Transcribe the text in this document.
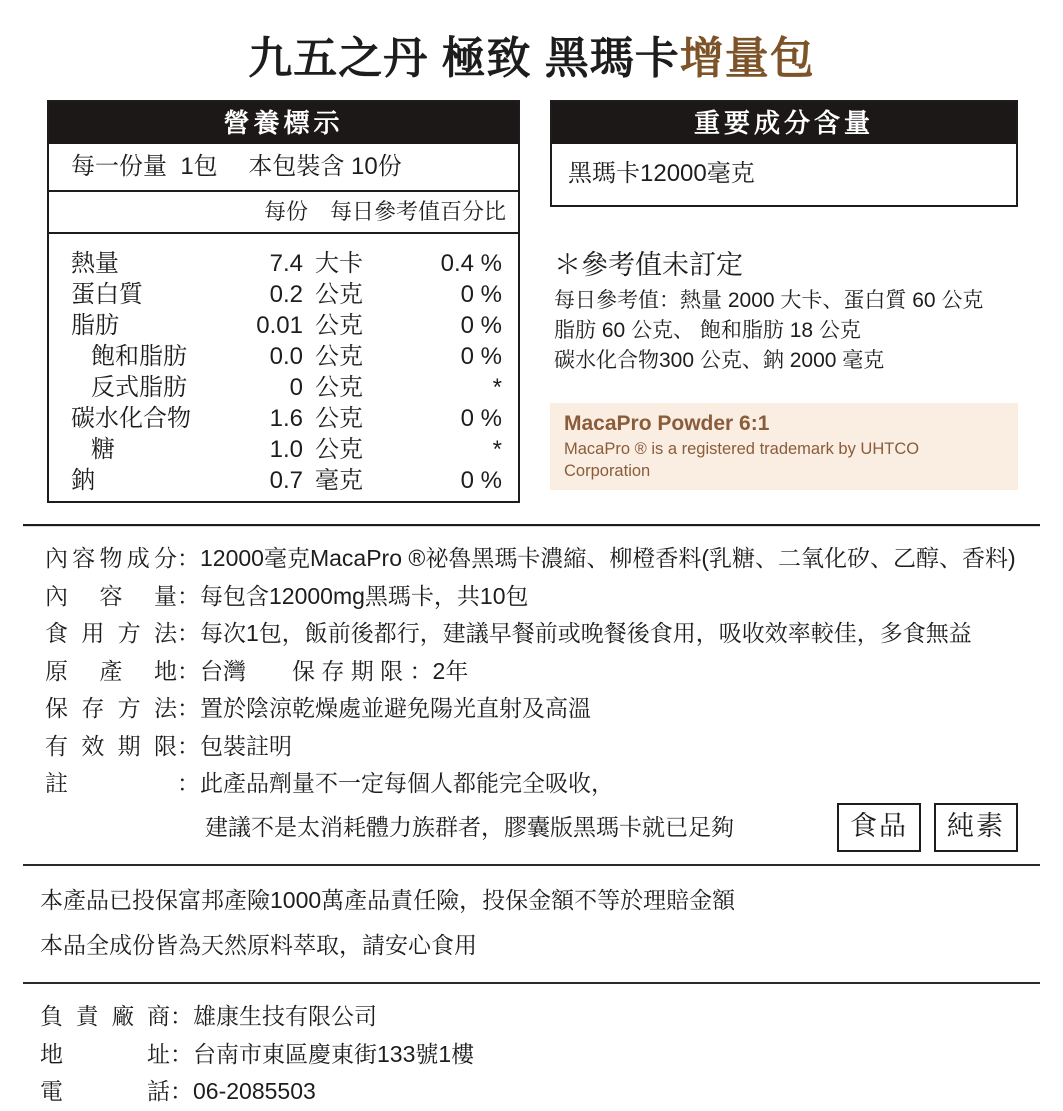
九五之丹 極致 黑瑪卡增量包
營養標示
每一份量  1包　 本包裝含 10份
每份 每日參考值百分比
熱量	7.4 大卡	0.4 %
蛋白質	0.2 公克	0 %
脂肪	0.01 公克	0 %
飽和脂肪	0.0 公克	0 %
反式脂肪	0 公克	*
碳水化合物	1.6 公克	0 %
糖	1.0 公克	*
鈉	0.7 毫克	0 %
重要成分含量
黑瑪卡12000毫克
＊參考值未訂定
每日參考值：熱量 2000 大卡、蛋白質 60 公克
脂肪 60 公克、 飽和脂肪 18 公克
碳水化合物300 公克、鈉 2000 毫克
MacaPro Powder 6:1
MacaPro ® is a registered trademark by UHTCO Corporation
內容物成分 ： 12000毫克MacaPro ®祕魯黑瑪卡濃縮、柳橙香料(乳糖、二氧化矽、乙醇、香料)
內容量 ： 每包含12000mg黑瑪卡，共10包
食用方法 ： 每次1包，飯前後都行，建議早餐前或晚餐後食用，吸收效率較佳，多食無益
原產地 ： 台灣　　保 存 期 限 ：2年
保存方法 ： 置於陰涼乾燥處並避免陽光直射及高溫
有效期限 ： 包裝註明
註	： 此產品劑量不一定每個人都能完全吸收，
建議不是太消耗體力族群者，膠囊版黑瑪卡就已足夠	食品	純素
本產品已投保富邦產險1000萬產品責任險，投保金額不等於理賠金額
本品全成份皆為天然原料萃取，請安心食用
負責廠商 ： 雄康生技有限公司
地址 ： 台南市東區慶東街133號1樓
電話 ： 06-2085503
